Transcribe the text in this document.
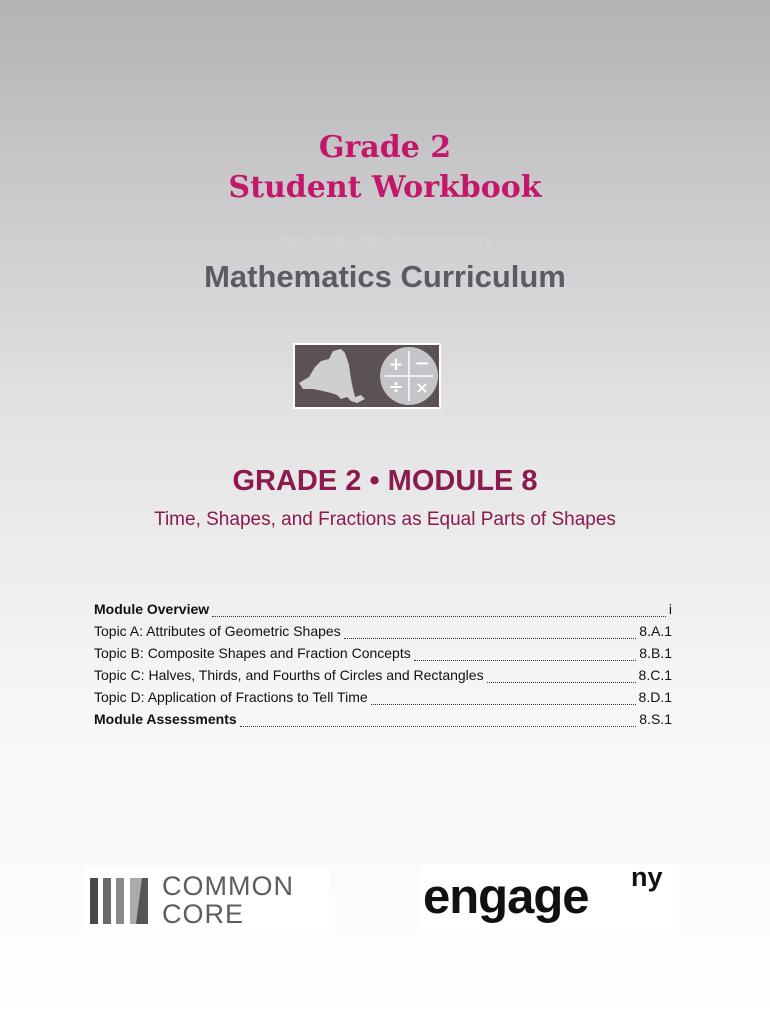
Grade 2
Student Workbook
New York State Common Core
Mathematics Curriculum
+ −
÷ ×
GRADE 2 • MODULE 8
Time, Shapes, and Fractions as Equal Parts of Shapes
Module Overview	i
Topic A: Attributes of Geometric Shapes	8.A.1
Topic B: Composite Shapes and Fraction Concepts	8.B.1
Topic C: Halves, Thirds, and Fourths of Circles and Rectangles	8.C.1
Topic D: Application of Fractions to Tell Time	8.D.1
Module Assessments	8.S.1
COMMON
CORE	engage ny
